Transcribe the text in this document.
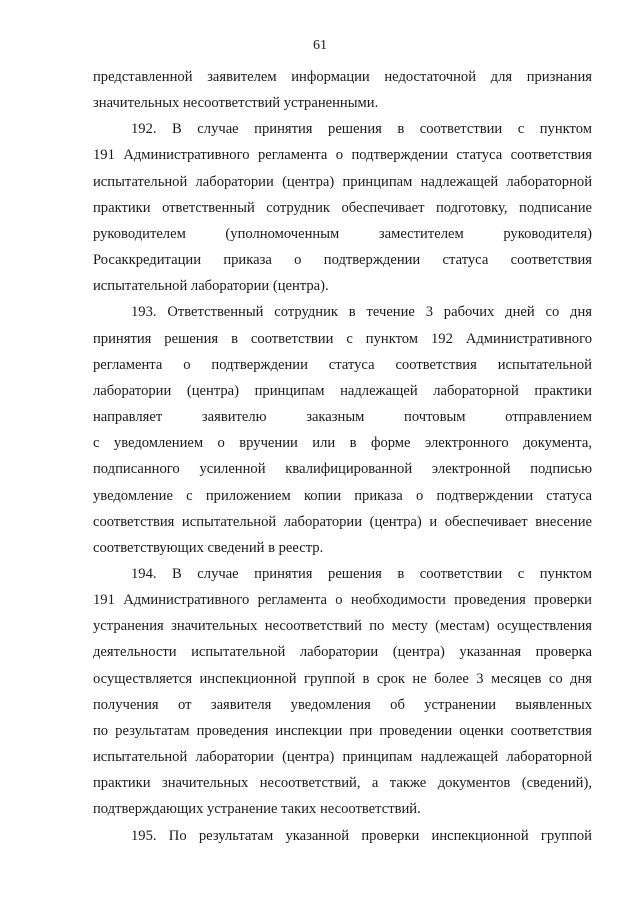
61
представленной заявителем информации недостаточной для признания
значительных несоответствий устраненными.
192. В случае принятия решения в соответствии с пунктом
191 Административного регламента о подтверждении статуса соответствия
испытательной лаборатории (центра) принципам надлежащей лабораторной
практики ответственный сотрудник обеспечивает подготовку, подписание
руководителем (уполномоченным заместителем руководителя)
Росаккредитации приказа о подтверждении статуса соответствия
испытательной лаборатории (центра).
193. Ответственный сотрудник в течение 3 рабочих дней со дня
принятия решения в соответствии с пунктом 192 Административного
регламента о подтверждении статуса соответствия испытательной
лаборатории (центра) принципам надлежащей лабораторной практики
направляет заявителю заказным почтовым отправлением
с уведомлением о вручении или в форме электронного документа,
подписанного усиленной квалифицированной электронной подписью
уведомление с приложением копии приказа о подтверждении статуса
соответствия испытательной лаборатории (центра) и обеспечивает внесение
соответствующих сведений в реестр.
194. В случае принятия решения в соответствии с пунктом
191 Административного регламента о необходимости проведения проверки
устранения значительных несоответствий по месту (местам) осуществления
деятельности испытательной лаборатории (центра) указанная проверка
осуществляется инспекционной группой в срок не более 3 месяцев со дня
получения от заявителя уведомления об устранении выявленных
по результатам проведения инспекции при проведении оценки соответствия
испытательной лаборатории (центра) принципам надлежащей лабораторной
практики значительных несоответствий, а также документов (сведений),
подтверждающих устранение таких несоответствий.
195. По результатам указанной проверки инспекционной группой
